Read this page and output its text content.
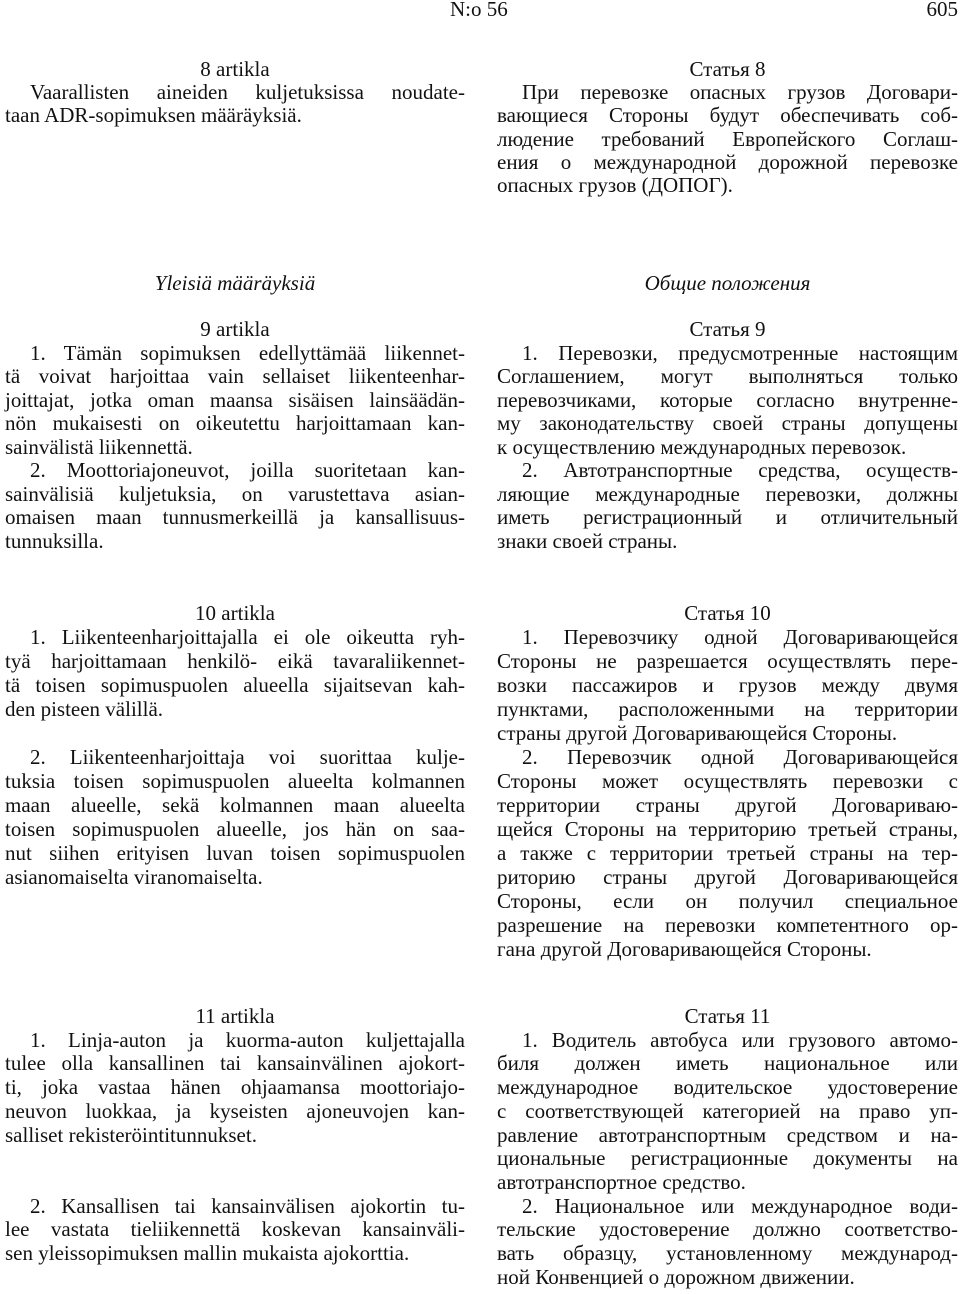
N:o 56	605
8 artikla
Vaarallisten aineiden kuljetuksissa noudate-
taan ADR-sopimuksen määräyksiä.
Статья 8
При перевозке опасных грузов Договари-
вающиеся Стороны будут обеспечивать соб-
людение требований Европейского Соглаш-
ения о международной дорожной перевозке
опасных грузов (ДОПОГ).
Yleisiä määräyksiä	Общие положения
9 artikla
1. Tämän sopimuksen edellyttämää liikennet-
tä voivat harjoittaa vain sellaiset liikenteenhar-
joittajat, jotka oman maansa sisäisen lainsäädän-
nön mukaisesti on oikeutettu harjoittamaan kan-
sainvälistä liikennettä.
2. Moottoriajoneuvot, joilla suoritetaan kan-
sainvälisiä kuljetuksia, on varustettava asian-
omaisen maan tunnusmerkeillä ja kansallisuus-
tunnuksilla.
Статья 9
1. Перевозки, предусмотренные настоящим
Соглашением, могут выполняться только
перевозчиками, которые согласно внутренне-
му законодательству своей страны допущены
к осуществлению международных перевозок.
2. Автотранспортные средства, осуществ-
ляющие международные перевозки, должны
иметь регистрационный и отличительный
знаки своей страны.
10 artikla
1. Liikenteenharjoittajalla ei ole oikeutta ryh-
tyä harjoittamaan henkilö- eikä tavaraliikennet-
tä toisen sopimuspuolen alueella sijaitsevan kah-
den pisteen välillä.
2. Liikenteenharjoittaja voi suorittaa kulje-
tuksia toisen sopimuspuolen alueelta kolmannen
maan alueelle, sekä kolmannen maan alueelta
toisen sopimuspuolen alueelle, jos hän on saa-
nut siihen erityisen luvan toisen sopimuspuolen
asianomaiselta viranomaiselta.
Статья 10
1. Перевозчику одной Договаривающейся
Стороны не разрешается осуществлять пере-
возки пассажиров и грузов между двумя
пунктами, расположенными на территории
страны другой Договаривающейся Стороны.
2. Перевозчик одной Договаривающейся
Стороны может осуществлять перевозки с
территории страны другой Договариваю-
щейся Стороны на территорию третьей страны,
а также с территории третьей страны на тер-
риторию страны другой Договаривающейся
Стороны, если он получил специальное
разрешение на перевозки компетентного ор-
гана другой Договаривающейся Стороны.
11 artikla
1. Linja-auton ja kuorma-auton kuljettajalla
tulee olla kansallinen tai kansainvälinen ajokort-
ti, joka vastaa hänen ohjaamansa moottoriajo-
neuvon luokkaa, ja kyseisten ajoneuvojen kan-
salliset rekisteröintitunnukset.
2. Kansallisen tai kansainvälisen ajokortin tu-
lee vastata tieliikennettä koskevan kansainväli-
sen yleissopimuksen mallin mukaista ajokorttia.
Статья 11
1. Водитель автобуса или грузового автомо-
биля должен иметь национальное или
международное водительское удостоверение
с соответствующей категорией на право уп-
равление автотранспортным средством и на-
циональные регистрационные документы на
автотранспортное средство.
2. Национальное или международное води-
тельские удостоверение должно соответство-
вать образцу, установленному международ-
ной Конвенцией о дорожном движении.
